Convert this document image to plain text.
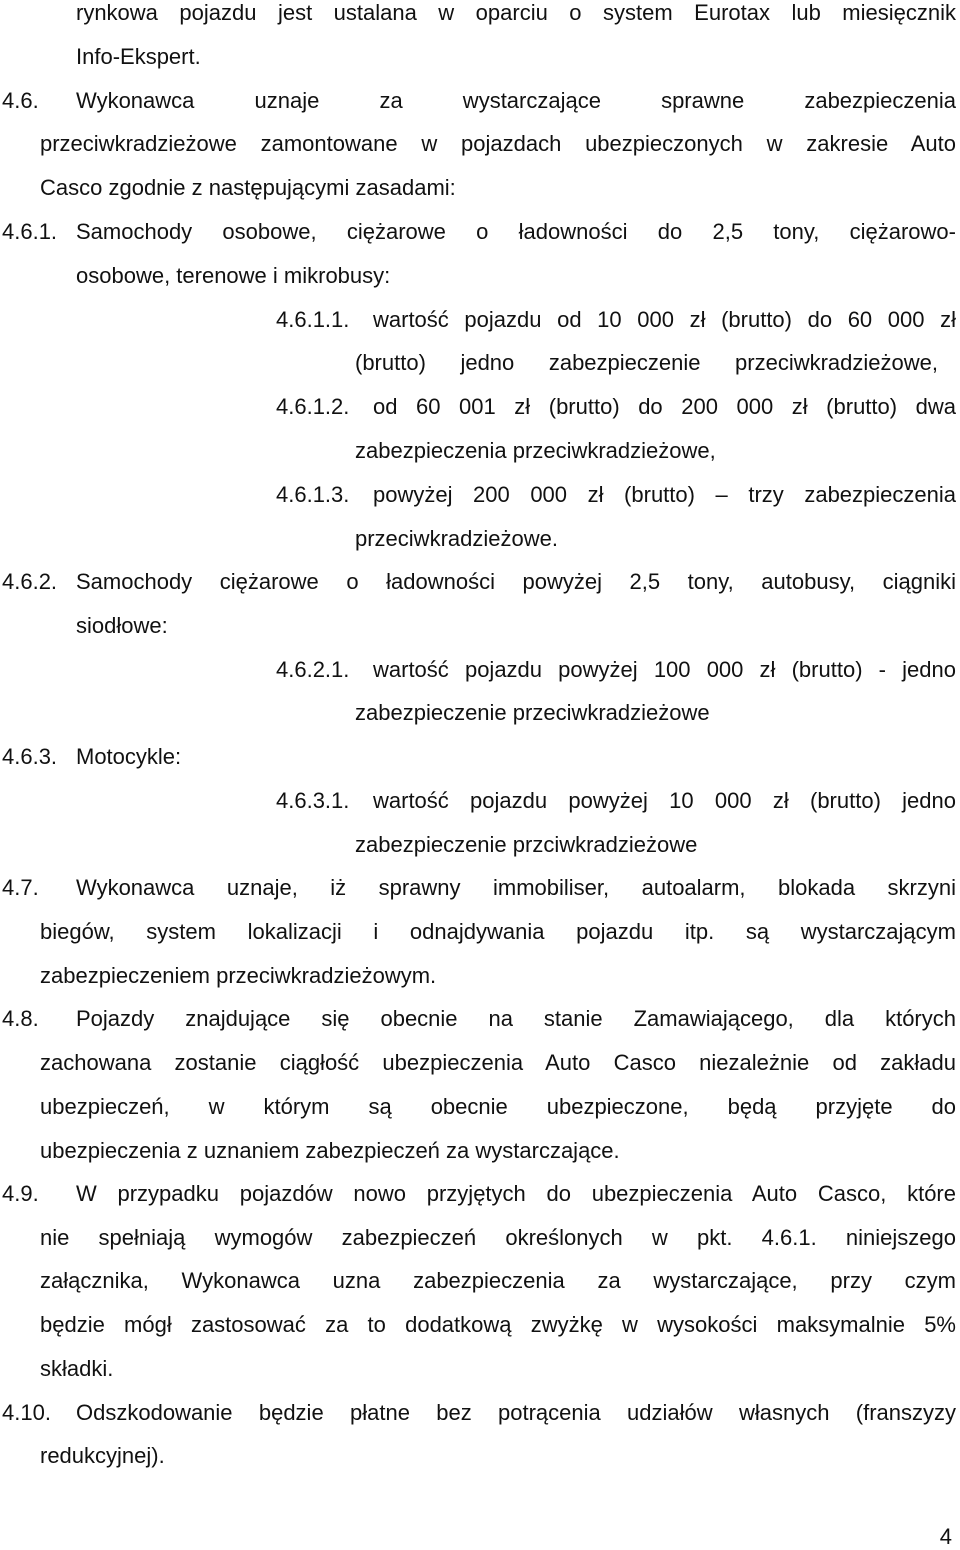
rynkowa pojazdu jest ustalana w oparciu o system Eurotax lub miesięcznik
Info-Ekspert.
4.6. Wykonawca uznaje za wystarczające sprawne zabezpieczenia
przeciwkradzieżowe zamontowane w pojazdach ubezpieczonych w zakresie Auto
Casco zgodnie z następującymi zasadami:
4.6.1. Samochody osobowe, ciężarowe o ładowności do 2,5 tony, ciężarowo-
osobowe, terenowe i mikrobusy:
4.6.1.1. wartość pojazdu od 10 000 zł (brutto) do 60 000 zł
(brutto) jedno zabezpieczenie przeciwkradzieżowe,
4.6.1.2. od 60 001 zł (brutto) do 200 000 zł (brutto) dwa
zabezpieczenia przeciwkradzieżowe,
4.6.1.3. powyżej 200 000 zł (brutto) – trzy zabezpieczenia
przeciwkradzieżowe.
4.6.2. Samochody ciężarowe o ładowności powyżej 2,5 tony, autobusy, ciągniki
siodłowe:
4.6.2.1. wartość pojazdu powyżej 100 000 zł (brutto) - jedno
zabezpieczenie przeciwkradzieżowe
4.6.3. Motocykle:
4.6.3.1. wartość pojazdu powyżej 10 000 zł (brutto) jedno
zabezpieczenie przciwkradzieżowe
4.7. Wykonawca uznaje, iż sprawny immobiliser, autoalarm, blokada skrzyni
biegów, system lokalizacji i odnajdywania pojazdu itp. są wystarczającym
zabezpieczeniem przeciwkradzieżowym.
4.8. Pojazdy znajdujące się obecnie na stanie Zamawiającego, dla których
zachowana zostanie ciągłość ubezpieczenia Auto Casco niezależnie od zakładu
ubezpieczeń, w którym są obecnie ubezpieczone, będą przyjęte do
ubezpieczenia z uznaniem zabezpieczeń za wystarczające.
4.9. W przypadku pojazdów nowo przyjętych do ubezpieczenia Auto Casco, które
nie spełniają wymogów zabezpieczeń określonych w pkt. 4.6.1. niniejszego
załącznika, Wykonawca uzna zabezpieczenia za wystarczające, przy czym
będzie mógł zastosować za to dodatkową zwyżkę w wysokości maksymalnie 5%
składki.
4.10. Odszkodowanie będzie płatne bez potrącenia udziałów własnych (franszyzy
redukcyjnej).
4
